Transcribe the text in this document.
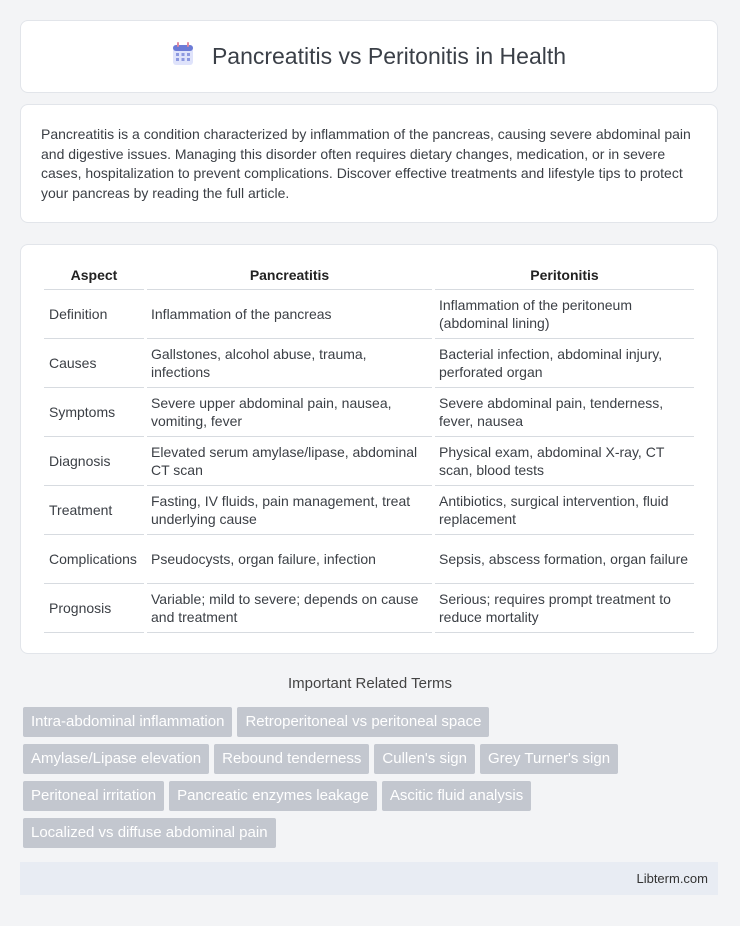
Pancreatitis vs Peritonitis in Health

Pancreatitis is a condition characterized by inflammation of the pancreas, causing severe abdominal pain and digestive issues. Managing this disorder often requires dietary changes, medication, or in severe cases, hospitalization to prevent complications. Discover effective treatments and lifestyle tips to protect your pancreas by reading the full article.

Aspect	Pancreatitis	Peritonitis
Definition	Inflammation of the pancreas	Inflammation of the peritoneum (abdominal lining)
Causes	Gallstones, alcohol abuse, trauma, infections	Bacterial infection, abdominal injury, perforated organ
Symptoms	Severe upper abdominal pain, nausea, vomiting, fever	Severe abdominal pain, tenderness, fever, nausea
Diagnosis	Elevated serum amylase/lipase, abdominal CT scan	Physical exam, abdominal X-ray, CT scan, blood tests
Treatment	Fasting, IV fluids, pain management, treat underlying cause	Antibiotics, surgical intervention, fluid replacement
Complications	Pseudocysts, organ failure, infection	Sepsis, abscess formation, organ failure
Prognosis	Variable; mild to severe; depends on cause and treatment	Serious; requires prompt treatment to reduce mortality
Important Related Terms
Intra-abdominal inflammation Retroperitoneal vs peritoneal space
Amylase/Lipase elevation Rebound tenderness Cullen's sign Grey Turner's sign
Peritoneal irritation Pancreatic enzymes leakage Ascitic fluid analysis
Localized vs diffuse abdominal pain
Libterm.com
